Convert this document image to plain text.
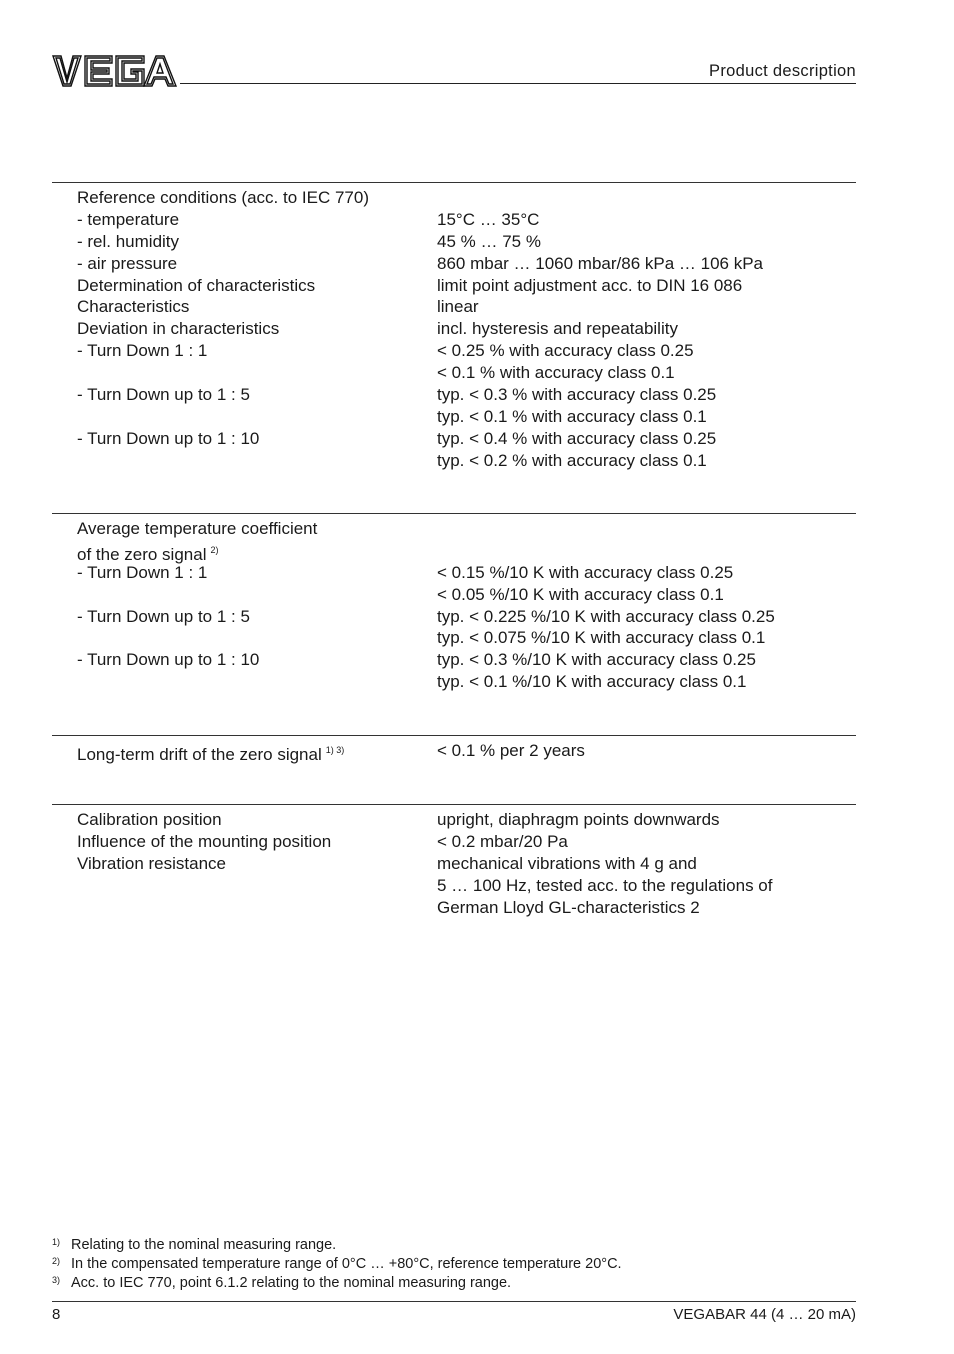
Product description
Reference conditions (acc. to IEC 770)
- temperature	15°C … 35°C
- rel. humidity	45 % … 75 %
- air pressure	860 mbar … 1060 mbar/86 kPa … 106 kPa
Determination of characteristics	limit point adjustment acc. to DIN 16 086
Characteristics	linear
Deviation in characteristics	incl. hysteresis and repeatability
- Turn Down 1 : 1	< 0.25 % with accuracy class 0.25
< 0.1 % with accuracy class 0.1
- Turn Down up to 1 : 5	typ. < 0.3 % with accuracy class 0.25
typ. < 0.1 % with accuracy class 0.1
- Turn Down up to 1 : 10	typ. < 0.4 % with accuracy class 0.25
typ. < 0.2 % with accuracy class 0.1
Average temperature coefficient
of the zero signal $^{2)}$
- Turn Down 1 : 1	< 0.15 %/10 K with accuracy class 0.25
< 0.05 %/10 K with accuracy class 0.1
- Turn Down up to 1 : 5	typ. < 0.225 %/10 K with accuracy class 0.25
typ. < 0.075 %/10 K with accuracy class 0.1
- Turn Down up to 1 : 10	typ. < 0.3 %/10 K with accuracy class 0.25
typ. < 0.1 %/10 K with accuracy class 0.1
Long-term drift of the zero signal $^{1) 3)}$	< 0.1 % per 2 years
Calibration position	upright, diaphragm points downwards
Influence of the mounting position	< 0.2 mbar/20 Pa
Vibration resistance	mechanical vibrations with 4 g and
5 … 100 Hz, tested acc. to the regulations of
German Lloyd GL-characteristics 2
1) Relating to the nominal measuring range.
2) In the compensated temperature range of 0°C … +80°C, reference temperature 20°C.
3) Acc. to IEC 770, point 6.1.2 relating to the nominal measuring range.
8	VEGABAR 44 (4 … 20 mA)
